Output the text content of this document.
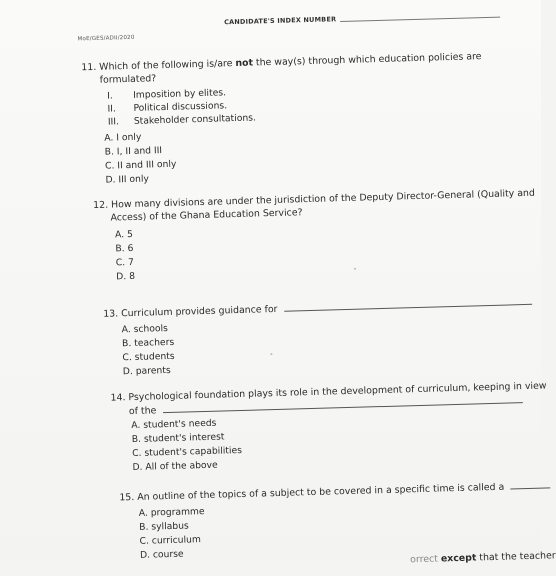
MoE/GES/ADII/2020
CANDIDATE'S INDEX NUMBER
11. Which of the following is/are not the way(s) through which education policies are
formulated?
I. Imposition by elites.
II. Political discussions.
III. Stakeholder consultations.
A. I only
B. I, II and III
C. II and III only
D. III only
12. How many divisions are under the jurisdiction of the Deputy Director-General (Quality and
Access) of the Ghana Education Service?
A. 5
B. 6
C. 7
D. 8
13. Curriculum provides guidance for
A. schools
B. teachers
C. students
D. parents
14. Psychological foundation plays its role in the development of curriculum, keeping in view
of the
A. student's needs
B. student's interest
C. student's capabilities
D. All of the above
15. An outline of the topics of a subject to be covered in a specific time is called a
A. programme
B. syllabus
C. curriculum
D. course	orrect except that the teacher
